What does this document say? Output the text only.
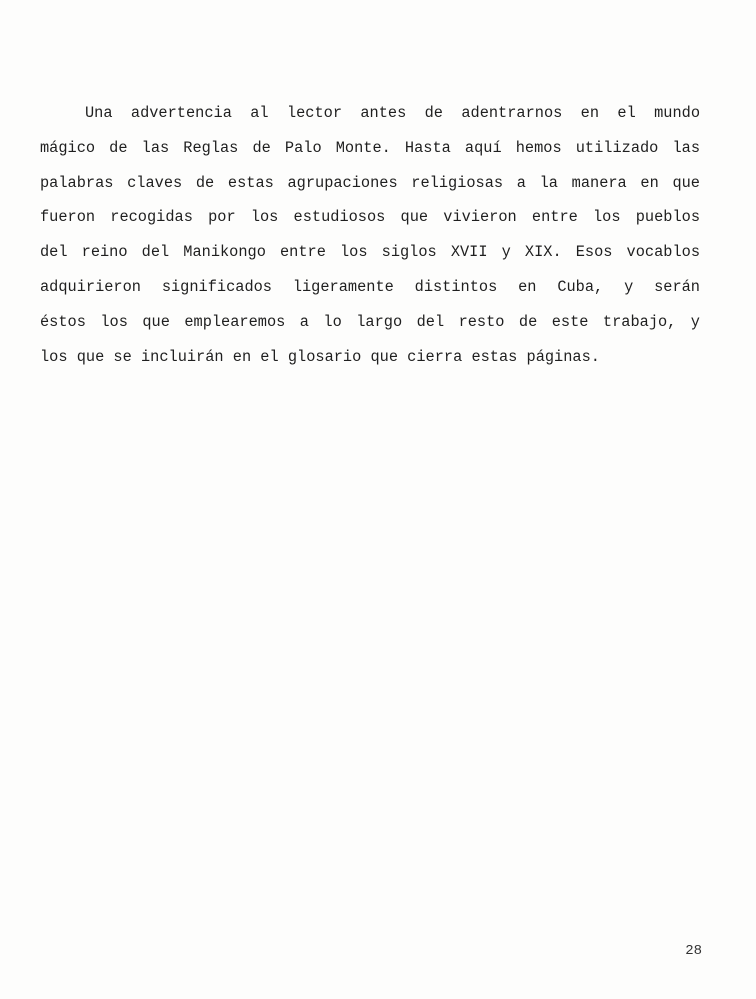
Una advertencia al lector antes de adentrarnos en el mundo
mágico de las Reglas de Palo Monte. Hasta aquí hemos utilizado las
palabras claves de estas agrupaciones religiosas a la manera en que
fueron recogidas por los estudiosos que vivieron entre los pueblos
del reino del Manikongo entre los siglos XVII y XIX. Esos vocablos
adquirieron significados ligeramente distintos en Cuba, y serán
éstos los que emplearemos a lo largo del resto de este trabajo, y
los que se incluirán en el glosario que cierra estas páginas.
28
